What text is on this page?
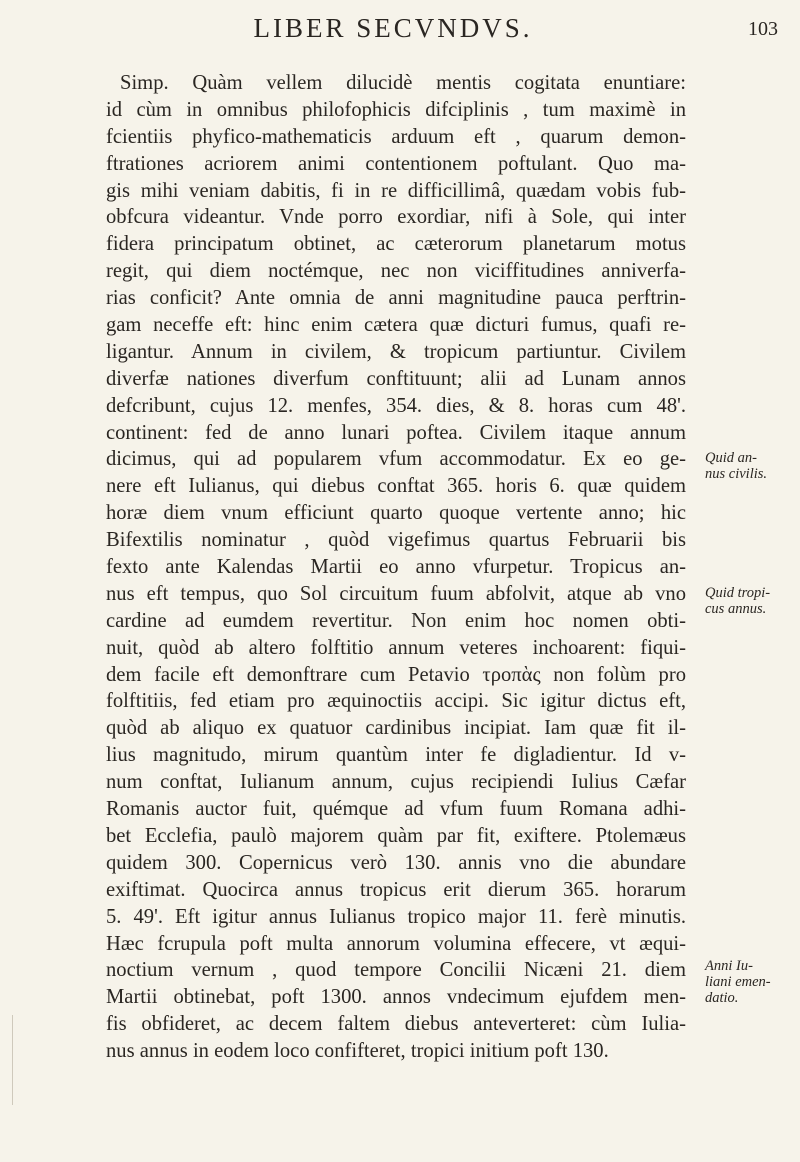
LIBER SECVNDVS.	103
Simp. Quàm vellem dilucidè mentis cogitata enuntiare:
id cùm in omnibus philofophicis difciplinis , tum maximè in
fcientiis phyfico-mathematicis arduum eft , quarum demon-
ftrationes acriorem animi contentionem poftulant. Quo ma-
gis mihi veniam dabitis, fi in re difficillimâ, quædam vobis fub-
obfcura videantur. Vnde porro exordiar, nifi à Sole, qui inter
fidera principatum obtinet, ac cæterorum planetarum motus
regit, qui diem noctémque, nec non viciffitudines anniverfa-
rias conficit? Ante omnia de anni magnitudine pauca perftrin-
gam neceffe eft: hinc enim cætera quæ dicturi fumus, quafi re-
ligantur. Annum in civilem, & tropicum partiuntur. Civilem
diverfæ nationes diverfum conftituunt; alii ad Lunam annos
defcribunt, cujus 12. menfes, 354. dies, & 8. horas cum 48'.
continent: fed de anno lunari poftea. Civilem itaque annum
dicimus, qui ad popularem vfum accommodatur. Ex eo ge-
nere eft Iulianus, qui diebus conftat 365. horis 6. quæ quidem
horæ diem vnum efficiunt quarto quoque vertente anno; hic
Bifextilis nominatur , quòd vigefimus quartus Februarii bis
fexto ante Kalendas Martii eo anno vfurpetur. Tropicus an-
nus eft tempus, quo Sol circuitum fuum abfolvit, atque ab vno
cardine ad eumdem revertitur. Non enim hoc nomen obti-
nuit, quòd ab altero folftitio annum veteres inchoarent: fiqui-
dem facile eft demonftrare cum Petavio τροπὰς non folùm pro
folftitiis, fed etiam pro æquinoctiis accipi. Sic igitur dictus eft,
quòd ab aliquo ex quatuor cardinibus incipiat. Iam quæ fit il-
lius magnitudo, mirum quantùm inter fe digladientur. Id v-
num conftat, Iulianum annum, cujus recipiendi Iulius Cæfar
Romanis auctor fuit, quémque ad vfum fuum Romana adhi-
bet Ecclefia, paulò majorem quàm par fit, exiftere. Ptolemæus
quidem 300. Copernicus verò 130. annis vno die abundare
exiftimat. Quocirca annus tropicus erit dierum 365. horarum
5. 49'. Eft igitur annus Iulianus tropico major 11. ferè minutis.
Hæc fcrupula poft multa annorum volumina effecere, vt æqui-
noctium vernum , quod tempore Concilii Nicæni 21. diem
Martii obtinebat, poft 1300. annos vndecimum ejufdem men-
fis obfideret, ac decem faltem diebus anteverteret: cùm Iulia-
nus annus in eodem loco confifteret, tropici initium poft 130.
Quid an-
nus civilis.
Quid tropi-
cus annus.
Anni Iu-
liani emen-
datio.
